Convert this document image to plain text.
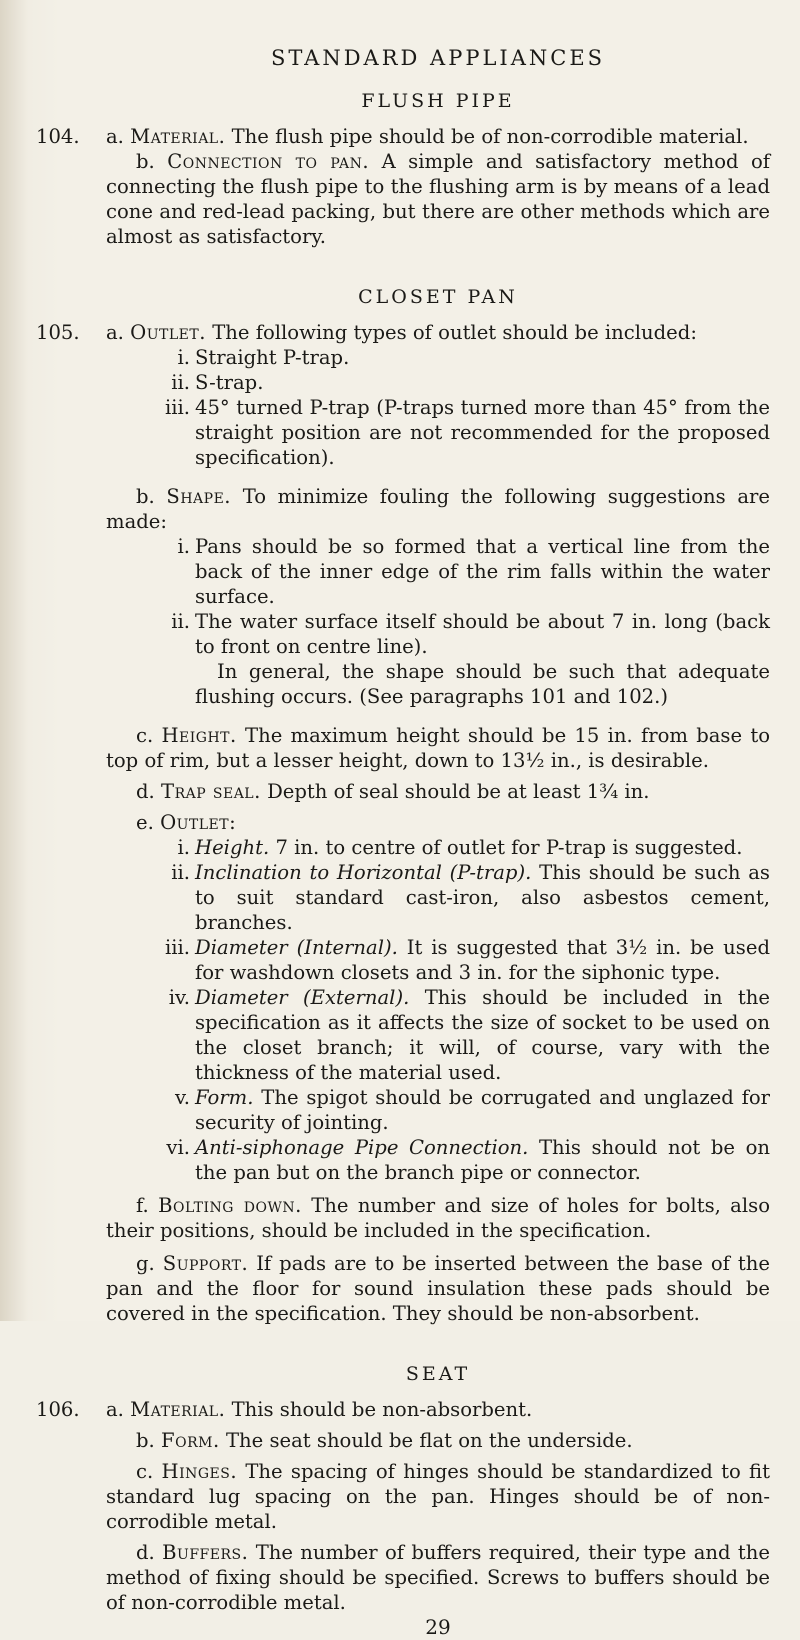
STANDARD APPLIANCES
FLUSH PIPE

104. a. Material. The flush pipe should be of non-corrodible material.

b. Connection to pan. A simple and satisfactory method of connecting the flush pipe to the flushing arm is by means of a lead cone and red-lead packing, but there are other methods which are almost as satisfactory.

CLOSET PAN

105. a. Outlet. The following types of outlet should be included:

i. Straight P-trap.

ii. S-trap.

iii. 45° turned P-trap (P-traps turned more than 45° from the straight position are not recommended for the proposed specification).

b. Shape. To minimize fouling the following suggestions are made:

i. Pans should be so formed that a vertical line from the back of the inner edge of the rim falls within the water surface.

ii. The water surface itself should be about 7 in. long (back to front on centre line).

In general, the shape should be such that adequate flushing occurs. (See paragraphs 101 and 102.)

c. Height. The maximum height should be 15 in. from base to top of rim, but a lesser height, down to 13½ in., is desirable.

d. Trap seal. Depth of seal should be at least 1¾ in.

e. Outlet:

i. Height. 7 in. to centre of outlet for P-trap is suggested.

ii. Inclination to Horizontal (P-trap). This should be such as to suit standard cast-iron, also asbestos cement, branches.

iii. Diameter (Internal). It is suggested that 3½ in. be used for washdown closets and 3 in. for the siphonic type.

iv. Diameter (External). This should be included in the specification as it affects the size of socket to be used on the closet branch; it will, of course, vary with the thickness of the material used.

v. Form. The spigot should be corrugated and unglazed for security of jointing.

vi. Anti-siphonage Pipe Connection. This should not be on the pan but on the branch pipe or connector.

f. Bolting down. The number and size of holes for bolts, also their positions, should be included in the specification.

g. Support. If pads are to be inserted between the base of the pan and the floor for sound insulation these pads should be covered in the specification. They should be non-absorbent.

SEAT

106. a. Material. This should be non-absorbent.

b. Form. The seat should be flat on the underside.

c. Hinges. The spacing of hinges should be standardized to fit standard lug spacing on the pan. Hinges should be of non-corrodible metal.

d. Buffers. The number of buffers required, their type and the method of fixing should be specified. Screws to buffers should be of non-corrodible metal.

29
